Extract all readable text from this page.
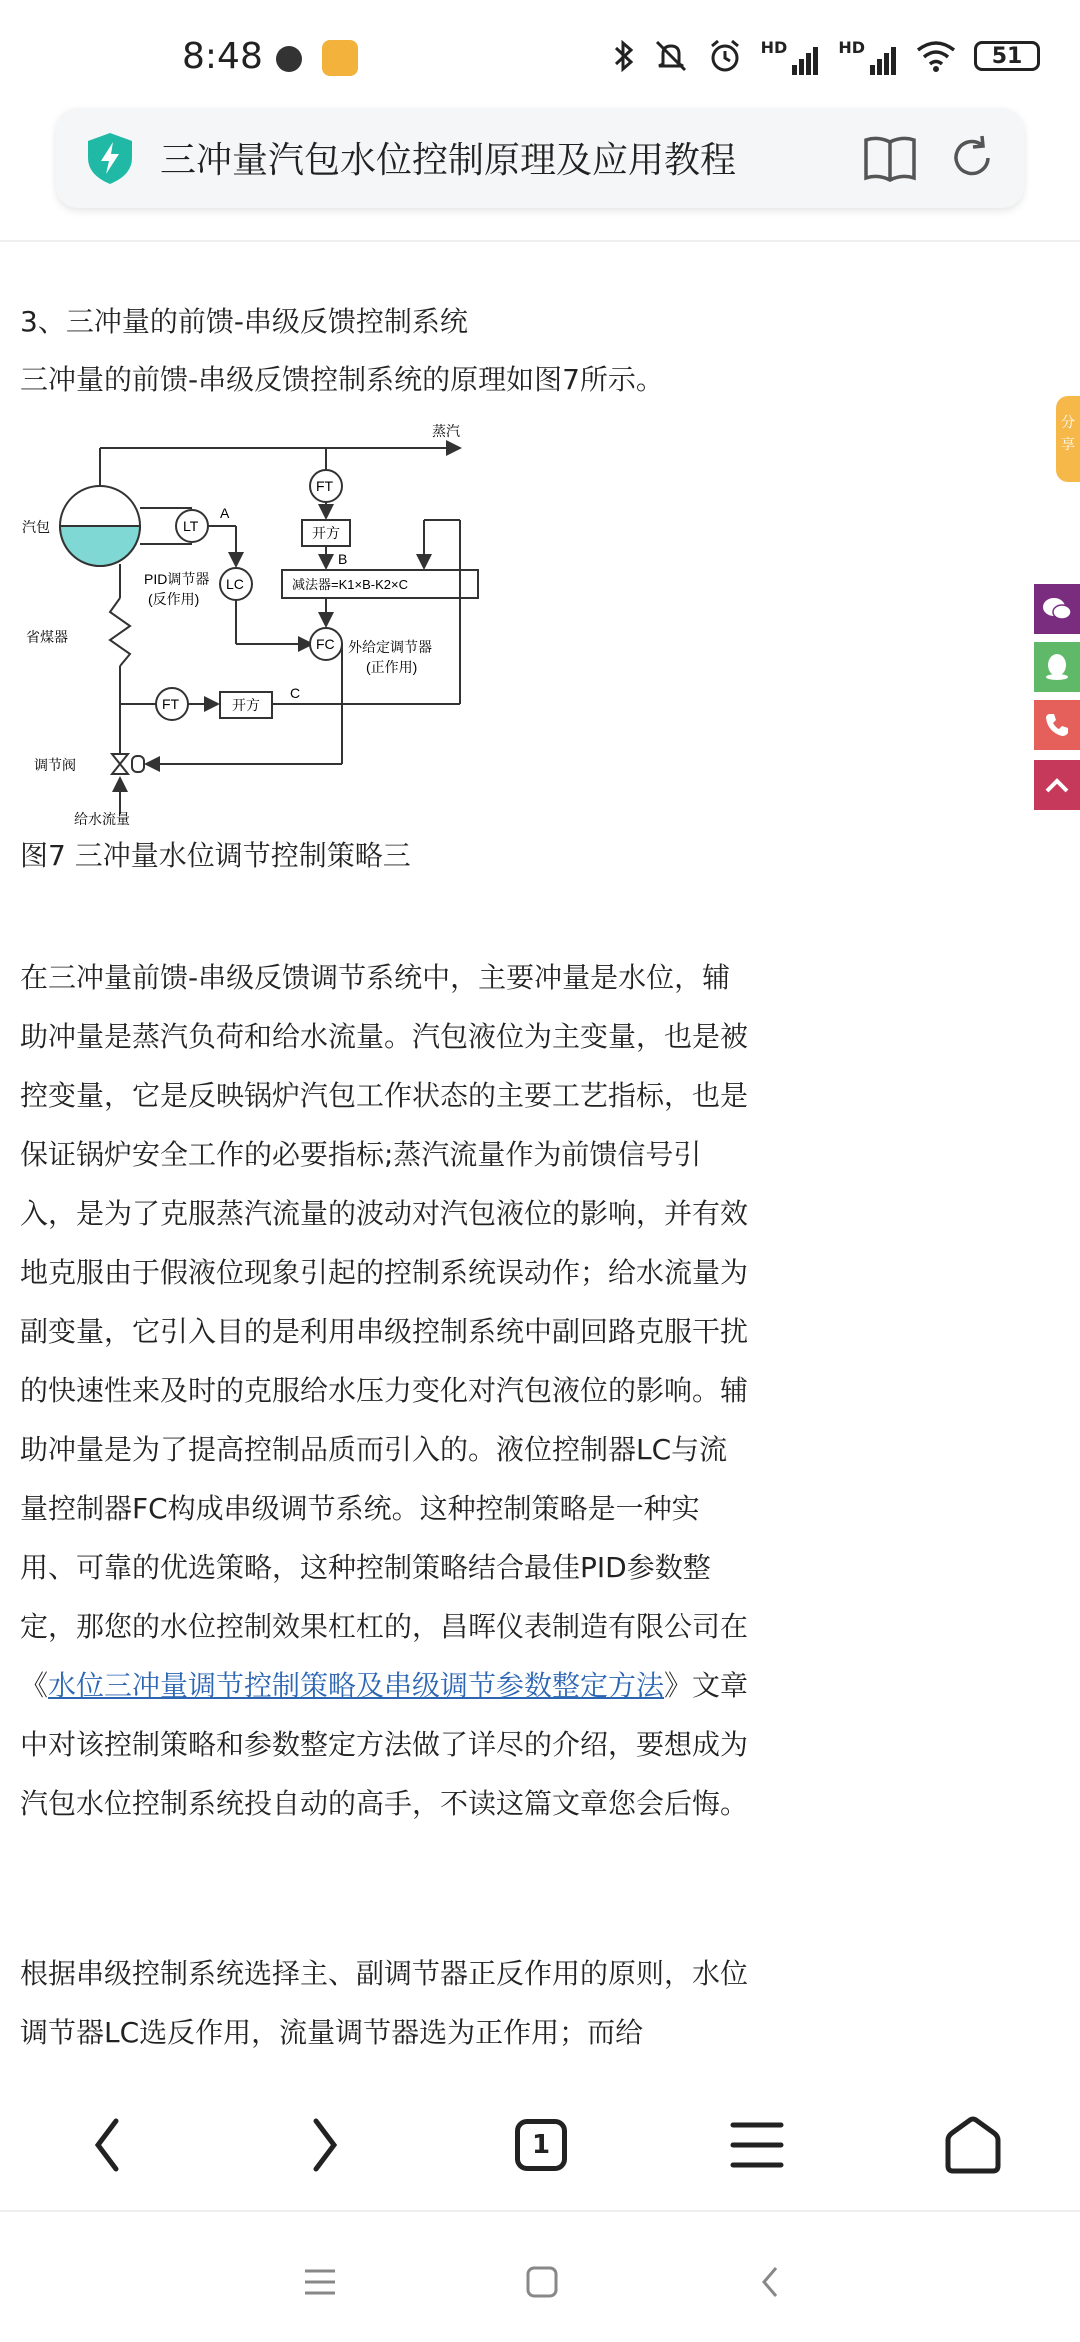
8:48	HD	HD	51
三冲量汽包水位控制原理及应用教程
3、三冲量的前馈-串级反馈控制系统
三冲量的前馈-串级反馈控制系统的原理如图7所示。
蒸汽
FT
开方
B
减法器=K1×B-K2×C
汽包	LT
A
LC
PID调节器
(反作用)
FC 外给定调节器
(正作用)
省煤器
FT	开方
C
调节阀
给水流量
图7 三冲量水位调节控制策略三
在三冲量前馈-串级反馈调节系统中，主要冲量是水位，辅助冲量是蒸汽负荷和给水流量。汽包液位为主变量，也是被控变量，它是反映锅炉汽包工作状态的主要工艺指标，也是保证锅炉安全工作的必要指标;蒸汽流量作为前馈信号引入，是为了克服蒸汽流量的波动对汽包液位的影响，并有效地克服由于假液位现象引起的控制系统误动作；给水流量为副变量，它引入目的是利用串级控制系统中副回路克服干扰的快速性来及时的克服给水压力变化对汽包液位的影响。辅助冲量是为了提高控制品质而引入的。液位控制器LC与流量控制器FC构成串级调节系统。这种控制策略是一种实用、可靠的优选策略，这种控制策略结合最佳PID参数整定，那您的水位控制效果杠杠的，昌晖仪表制造有限公司在《水位三冲量调节控制策略及串级调节参数整定方法》文章中对该控制策略和参数整定方法做了详尽的介绍，要想成为汽包水位控制系统投自动的高手，不读这篇文章您会后悔。
根据串级控制系统选择主、副调节器正反作用的原则，水位调节器LC选反作用，流量调节器选为正作用；而给
分享
1
